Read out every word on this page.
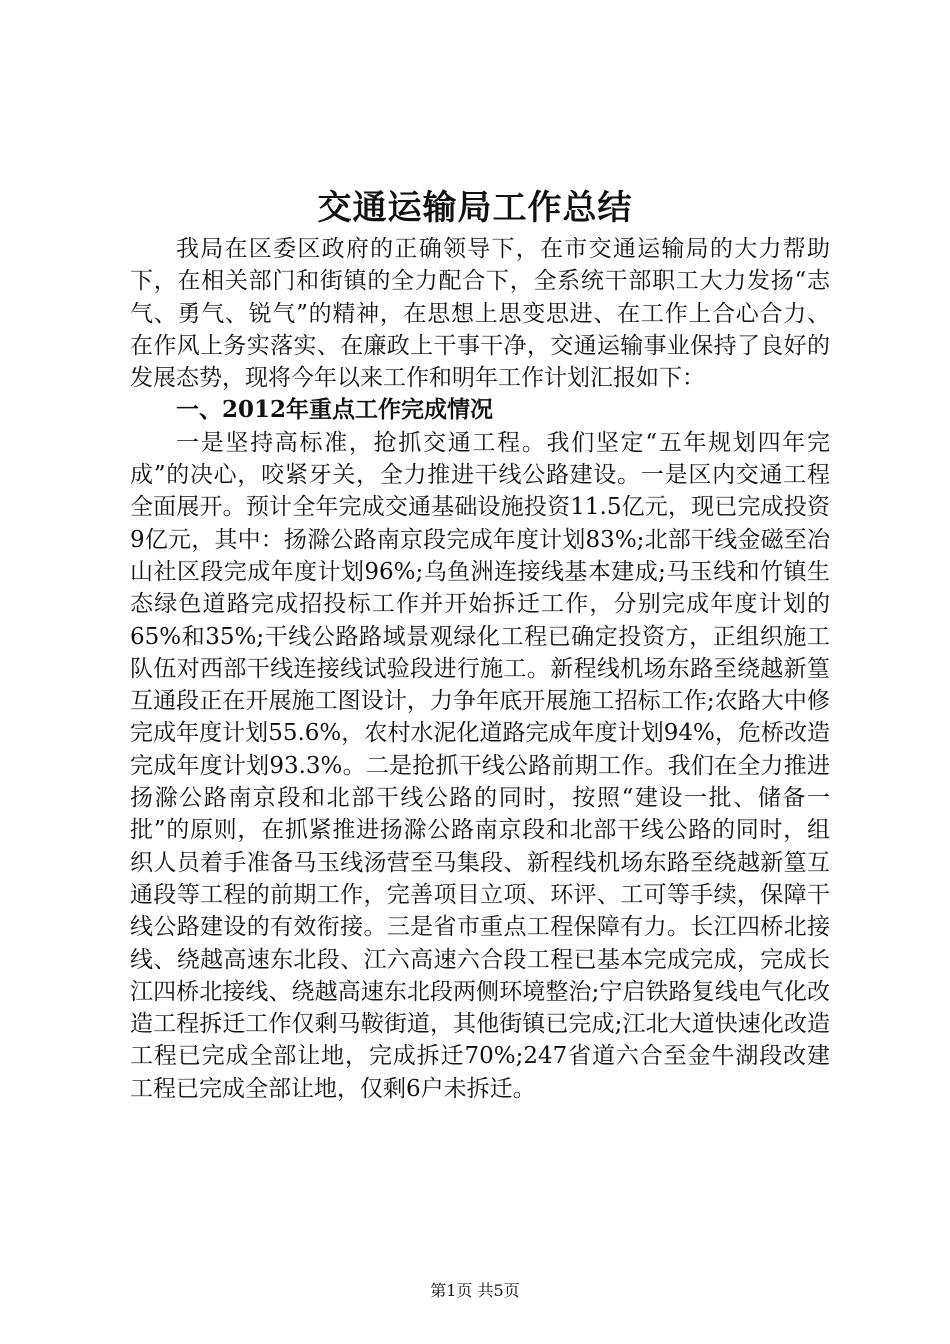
交通运输局工作总结

我局在区委区政府的正确领导下，在市交通运输局的大力帮助下，在相关部门和街镇的全力配合下，全系统干部职工大力发扬“志气、勇气、锐气”的精神，在思想上思变思进、在工作上合心合力、在作风上务实落实、在廉政上干事干净，交通运输事业保持了良好的发展态势，现将今年以来工作和明年工作计划汇报如下：

一、2012年重点工作完成情况

一是坚持高标准，抢抓交通工程。我们坚定“五年规划四年完成”的决心，咬紧牙关，全力推进干线公路建设。一是区内交通工程全面展开。预计全年完成交通基础设施投资11.5亿元，现已完成投资9亿元，其中：扬滁公路南京段完成年度计划83%;北部干线金磁至冶山社区段完成年度计划96%;乌鱼洲连接线基本建成;马玉线和竹镇生态绿色道路完成招投标工作并开始拆迁工作，分别完成年度计划的65%和35%;干线公路路域景观绿化工程已确定投资方，正组织施工队伍对西部干线连接线试验段进行施工。新程线机场东路至绕越新篁互通段正在开展施工图设计，力争年底开展施工招标工作;农路大中修完成年度计划55.6%，农村水泥化道路完成年度计划94%，危桥改造完成年度计划93.3%。二是抢抓干线公路前期工作。我们在全力推进扬滁公路南京段和北部干线公路的同时，按照“建设一批、储备一批”的原则，在抓紧推进扬滁公路南京段和北部干线公路的同时，组织人员着手准备马玉线汤营至马集段、新程线机场东路至绕越新篁互通段等工程的前期工作，完善项目立项、环评、工可等手续，保障干线公路建设的有效衔接。三是省市重点工程保障有力。长江四桥北接线、绕越高速东北段、江六高速六合段工程已基本完成完成，完成长江四桥北接线、绕越高速东北段两侧环境整治;宁启铁路复线电气化改造工程拆迁工作仅剩马鞍街道，其他街镇已完成;江北大道快速化改造工程已完成全部让地，完成拆迁70%;247省道六合至金牛湖段改建工程已完成全部让地，仅剩6户未拆迁。

第1页 共5页
